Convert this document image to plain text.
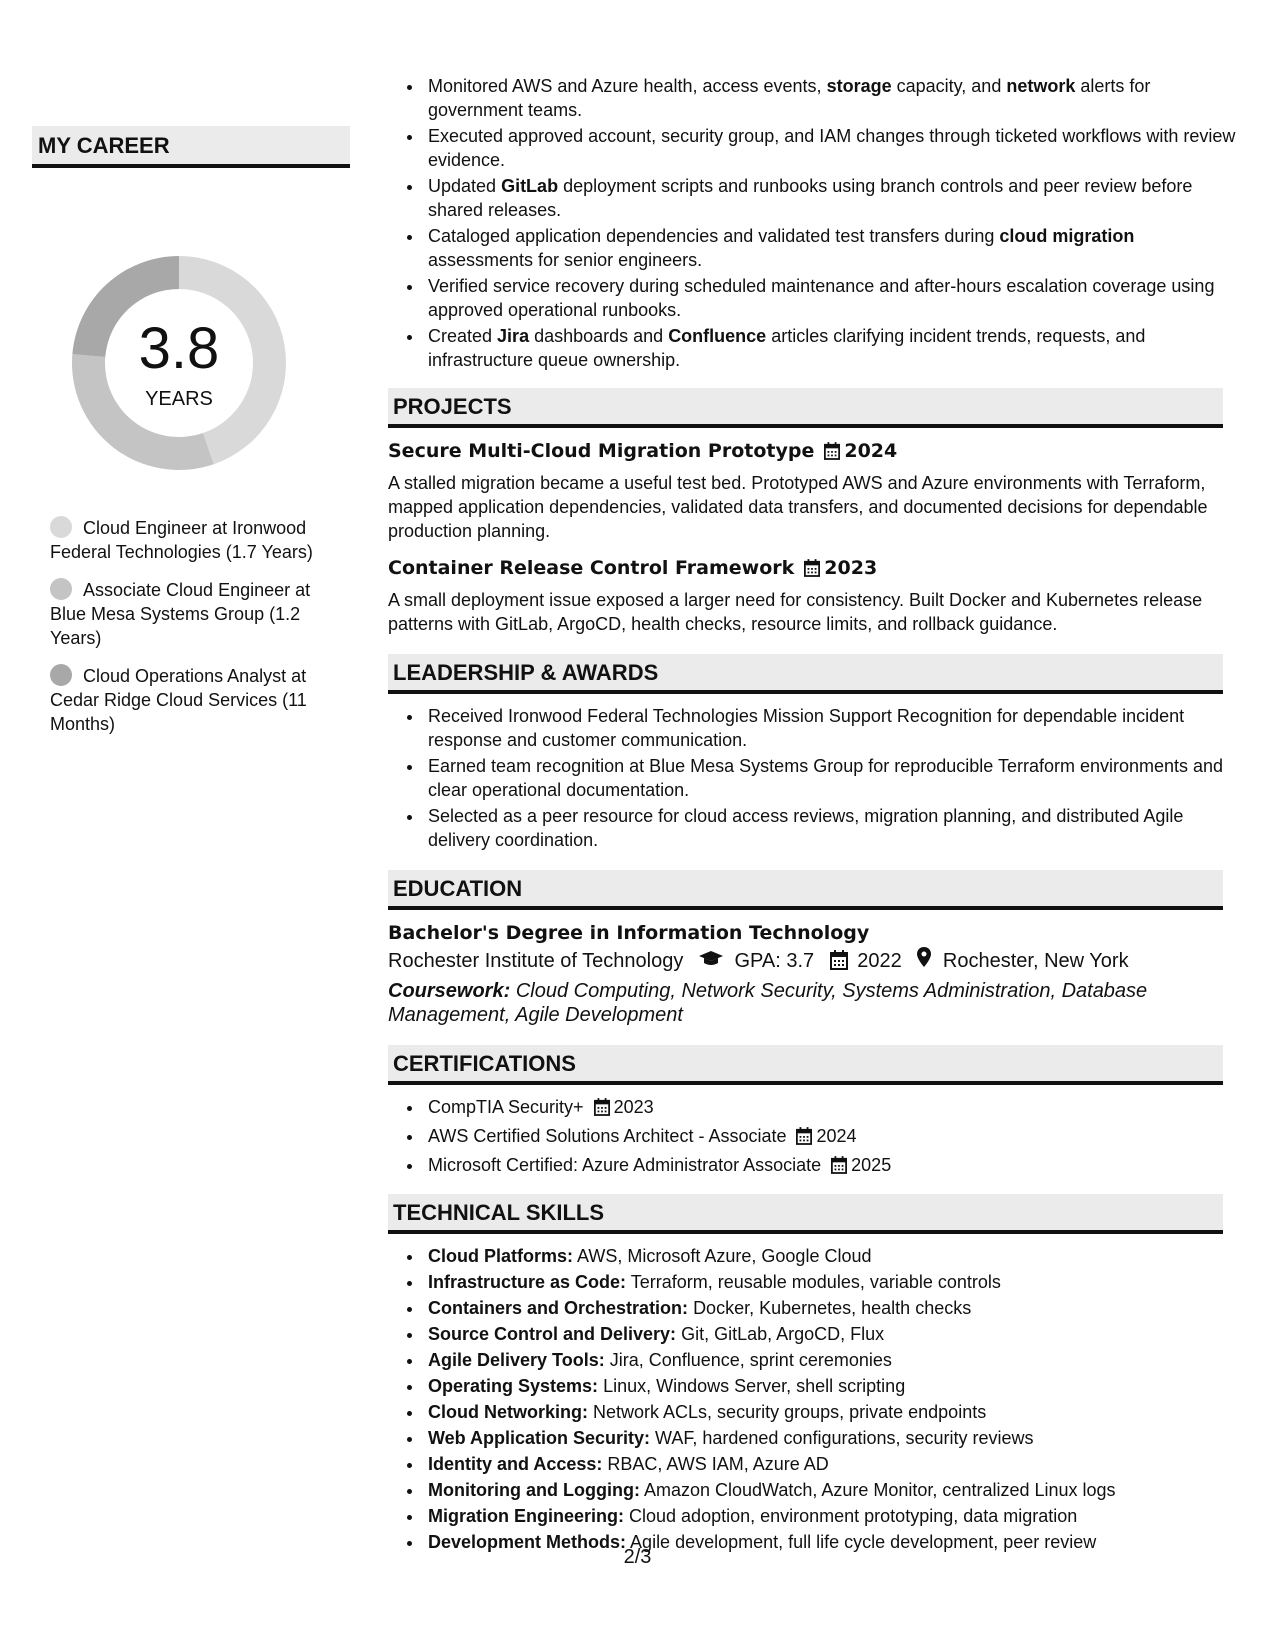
MY CAREER
3.8
YEARS
Cloud Engineer at Ironwood Federal Technologies (1.7 Years)
Associate Cloud Engineer at Blue Mesa Systems Group (1.2 Years)
Cloud Operations Analyst at Cedar Ridge Cloud Services (11 Months)
• Monitored AWS and Azure health, access events, storage capacity, and network alerts for government teams.
• Executed approved account, security group, and IAM changes through ticketed workflows with review evidence.
• Updated GitLab deployment scripts and runbooks using branch controls and peer review before shared releases.
• Cataloged application dependencies and validated test transfers during cloud migration assessments for senior engineers.
• Verified service recovery during scheduled maintenance and after-hours escalation coverage using approved operational runbooks.
• Created Jira dashboards and Confluence articles clarifying incident trends, requests, and infrastructure queue ownership.
PROJECTS
Secure Multi-Cloud Migration Prototype 2024
A stalled migration became a useful test bed. Prototyped AWS and Azure environments with Terraform, mapped application dependencies, validated data transfers, and documented decisions for dependable production planning.
Container Release Control Framework 2023
A small deployment issue exposed a larger need for consistency. Built Docker and Kubernetes release patterns with GitLab, ArgoCD, health checks, resource limits, and rollback guidance.
LEADERSHIP & AWARDS
• Received Ironwood Federal Technologies Mission Support Recognition for dependable incident response and customer communication.
• Earned team recognition at Blue Mesa Systems Group for reproducible Terraform environments and clear operational documentation.
• Selected as a peer resource for cloud access reviews, migration planning, and distributed Agile delivery coordination.
EDUCATION
Bachelor's Degree in Information Technology
Rochester Institute of Technology	GPA: 3.7 2022 Rochester, New York
Coursework: Cloud Computing, Network Security, Systems Administration, Database Management, Agile Development
CERTIFICATIONS
• CompTIA Security+ 2023
• AWS Certified Solutions Architect - Associate 2024
• Microsoft Certified: Azure Administrator Associate 2025
TECHNICAL SKILLS
• Cloud Platforms: AWS, Microsoft Azure, Google Cloud
• Infrastructure as Code: Terraform, reusable modules, variable controls
• Containers and Orchestration: Docker, Kubernetes, health checks
• Source Control and Delivery: Git, GitLab, ArgoCD, Flux
• Agile Delivery Tools: Jira, Confluence, sprint ceremonies
• Operating Systems: Linux, Windows Server, shell scripting
• Cloud Networking: Network ACLs, security groups, private endpoints
• Web Application Security: WAF, hardened configurations, security reviews
• Identity and Access: RBAC, AWS IAM, Azure AD
• Monitoring and Logging: Amazon CloudWatch, Azure Monitor, centralized Linux logs
• Migration Engineering: Cloud adoption, environment prototyping, data migration
• Development Methods: Agile development, full life cycle development, peer review
2/3
